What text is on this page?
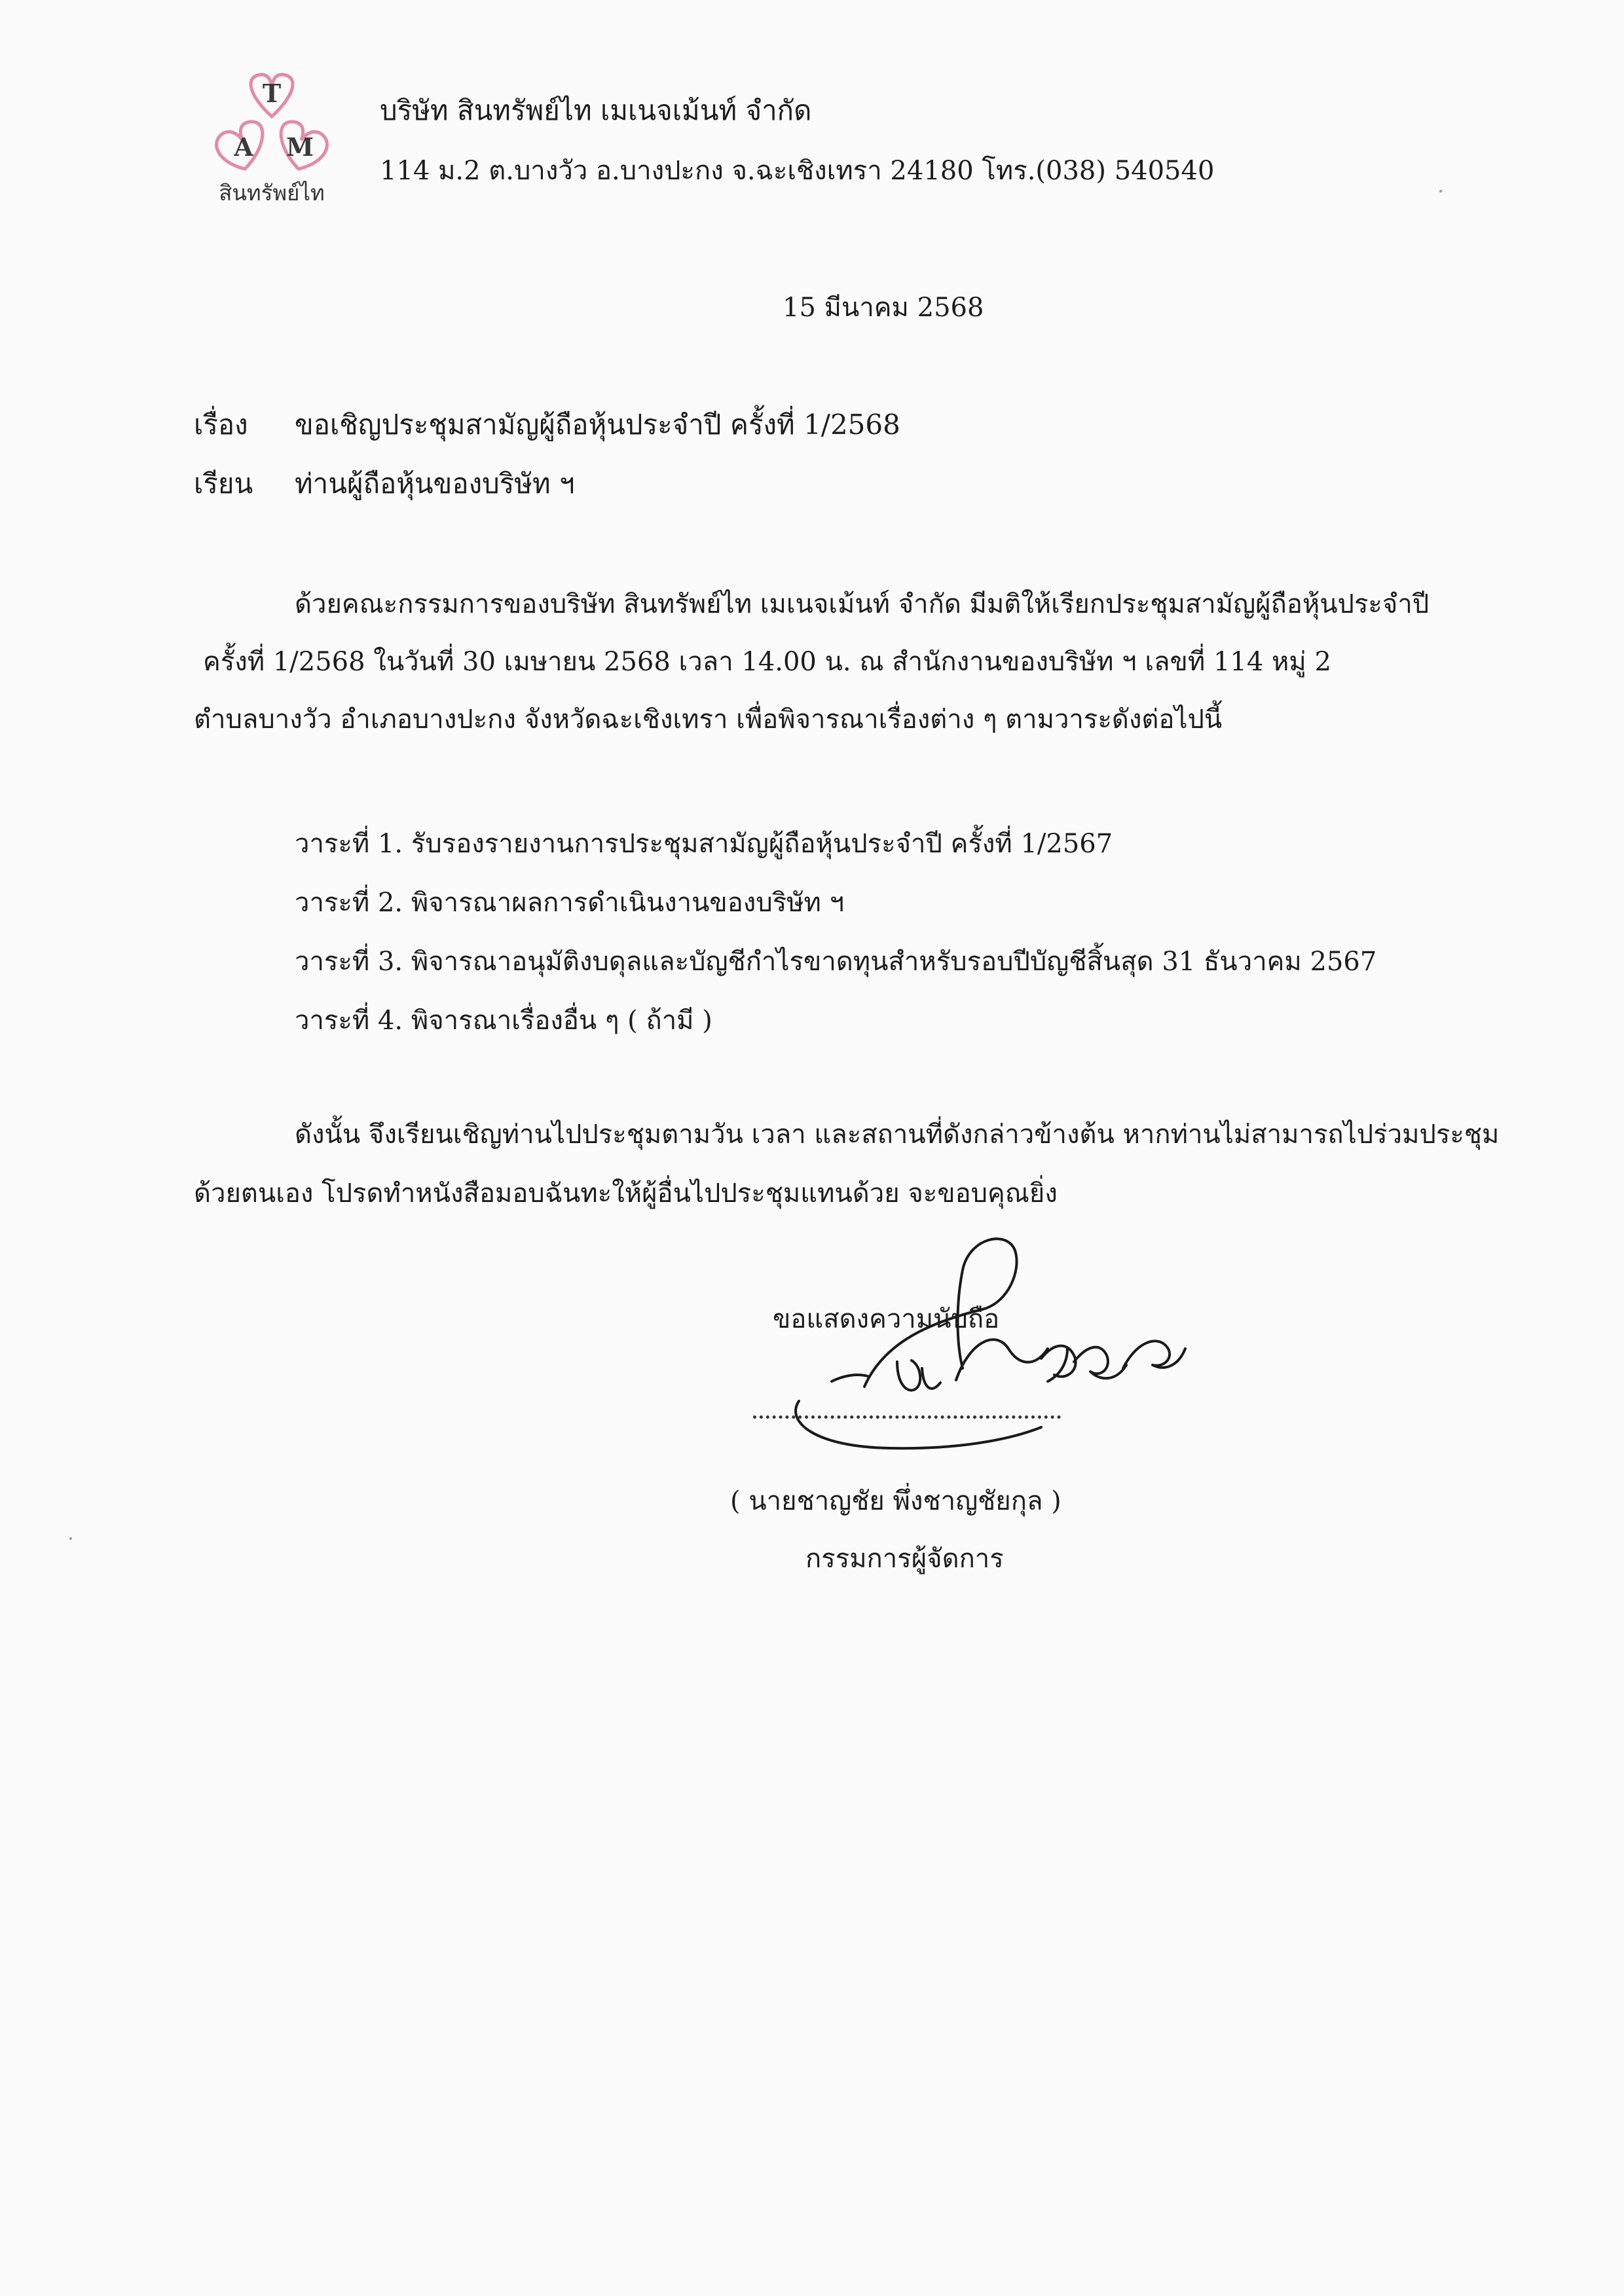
T
A M
สินทรัพย์ไท
บริษัท สินทรัพย์ไท เมเนจเม้นท์ จำกัด
114 ม.2 ต.บางวัว อ.บางปะกง จ.ฉะเชิงเทรา 24180 โทร.(038) 540540
15 มีนาคม 2568
เรื่อง ขอเชิญประชุมสามัญผู้ถือหุ้นประจำปี ครั้งที่ 1/2568
เรียน ท่านผู้ถือหุ้นของบริษัท ฯ
ด้วยคณะกรรมการของบริษัท สินทรัพย์ไท เมเนจเม้นท์ จำกัด มีมติให้เรียกประชุมสามัญผู้ถือหุ้นประจำปี
ครั้งที่ 1/2568 ในวันที่ 30 เมษายน 2568 เวลา 14.00 น. ณ สำนักงานของบริษัท ฯ เลขที่ 114 หมู่ 2
ตำบลบางวัว อำเภอบางปะกง จังหวัดฉะเชิงเทรา เพื่อพิจารณาเรื่องต่าง ๆ ตามวาระดังต่อไปนี้
วาระที่ 1. รับรองรายงานการประชุมสามัญผู้ถือหุ้นประจำปี ครั้งที่ 1/2567
วาระที่ 2. พิจารณาผลการดำเนินงานของบริษัท ฯ
วาระที่ 3. พิจารณาอนุมัติงบดุลและบัญชีกำไรขาดทุนสำหรับรอบปีบัญชีสิ้นสุด 31 ธันวาคม 2567
วาระที่ 4. พิจารณาเรื่องอื่น ๆ ( ถ้ามี )
ดังนั้น จึงเรียนเชิญท่านไปประชุมตามวัน เวลา และสถานที่ดังกล่าวข้างต้น หากท่านไม่สามารถไปร่วมประชุม
ด้วยตนเอง โปรดทำหนังสือมอบฉันทะให้ผู้อื่นไปประชุมแทนด้วย จะขอบคุณยิ่ง
ขอแสดงความนับถือ
( นายชาญชัย พึ่งชาญชัยกุล )
กรรมการผู้จัดการ
